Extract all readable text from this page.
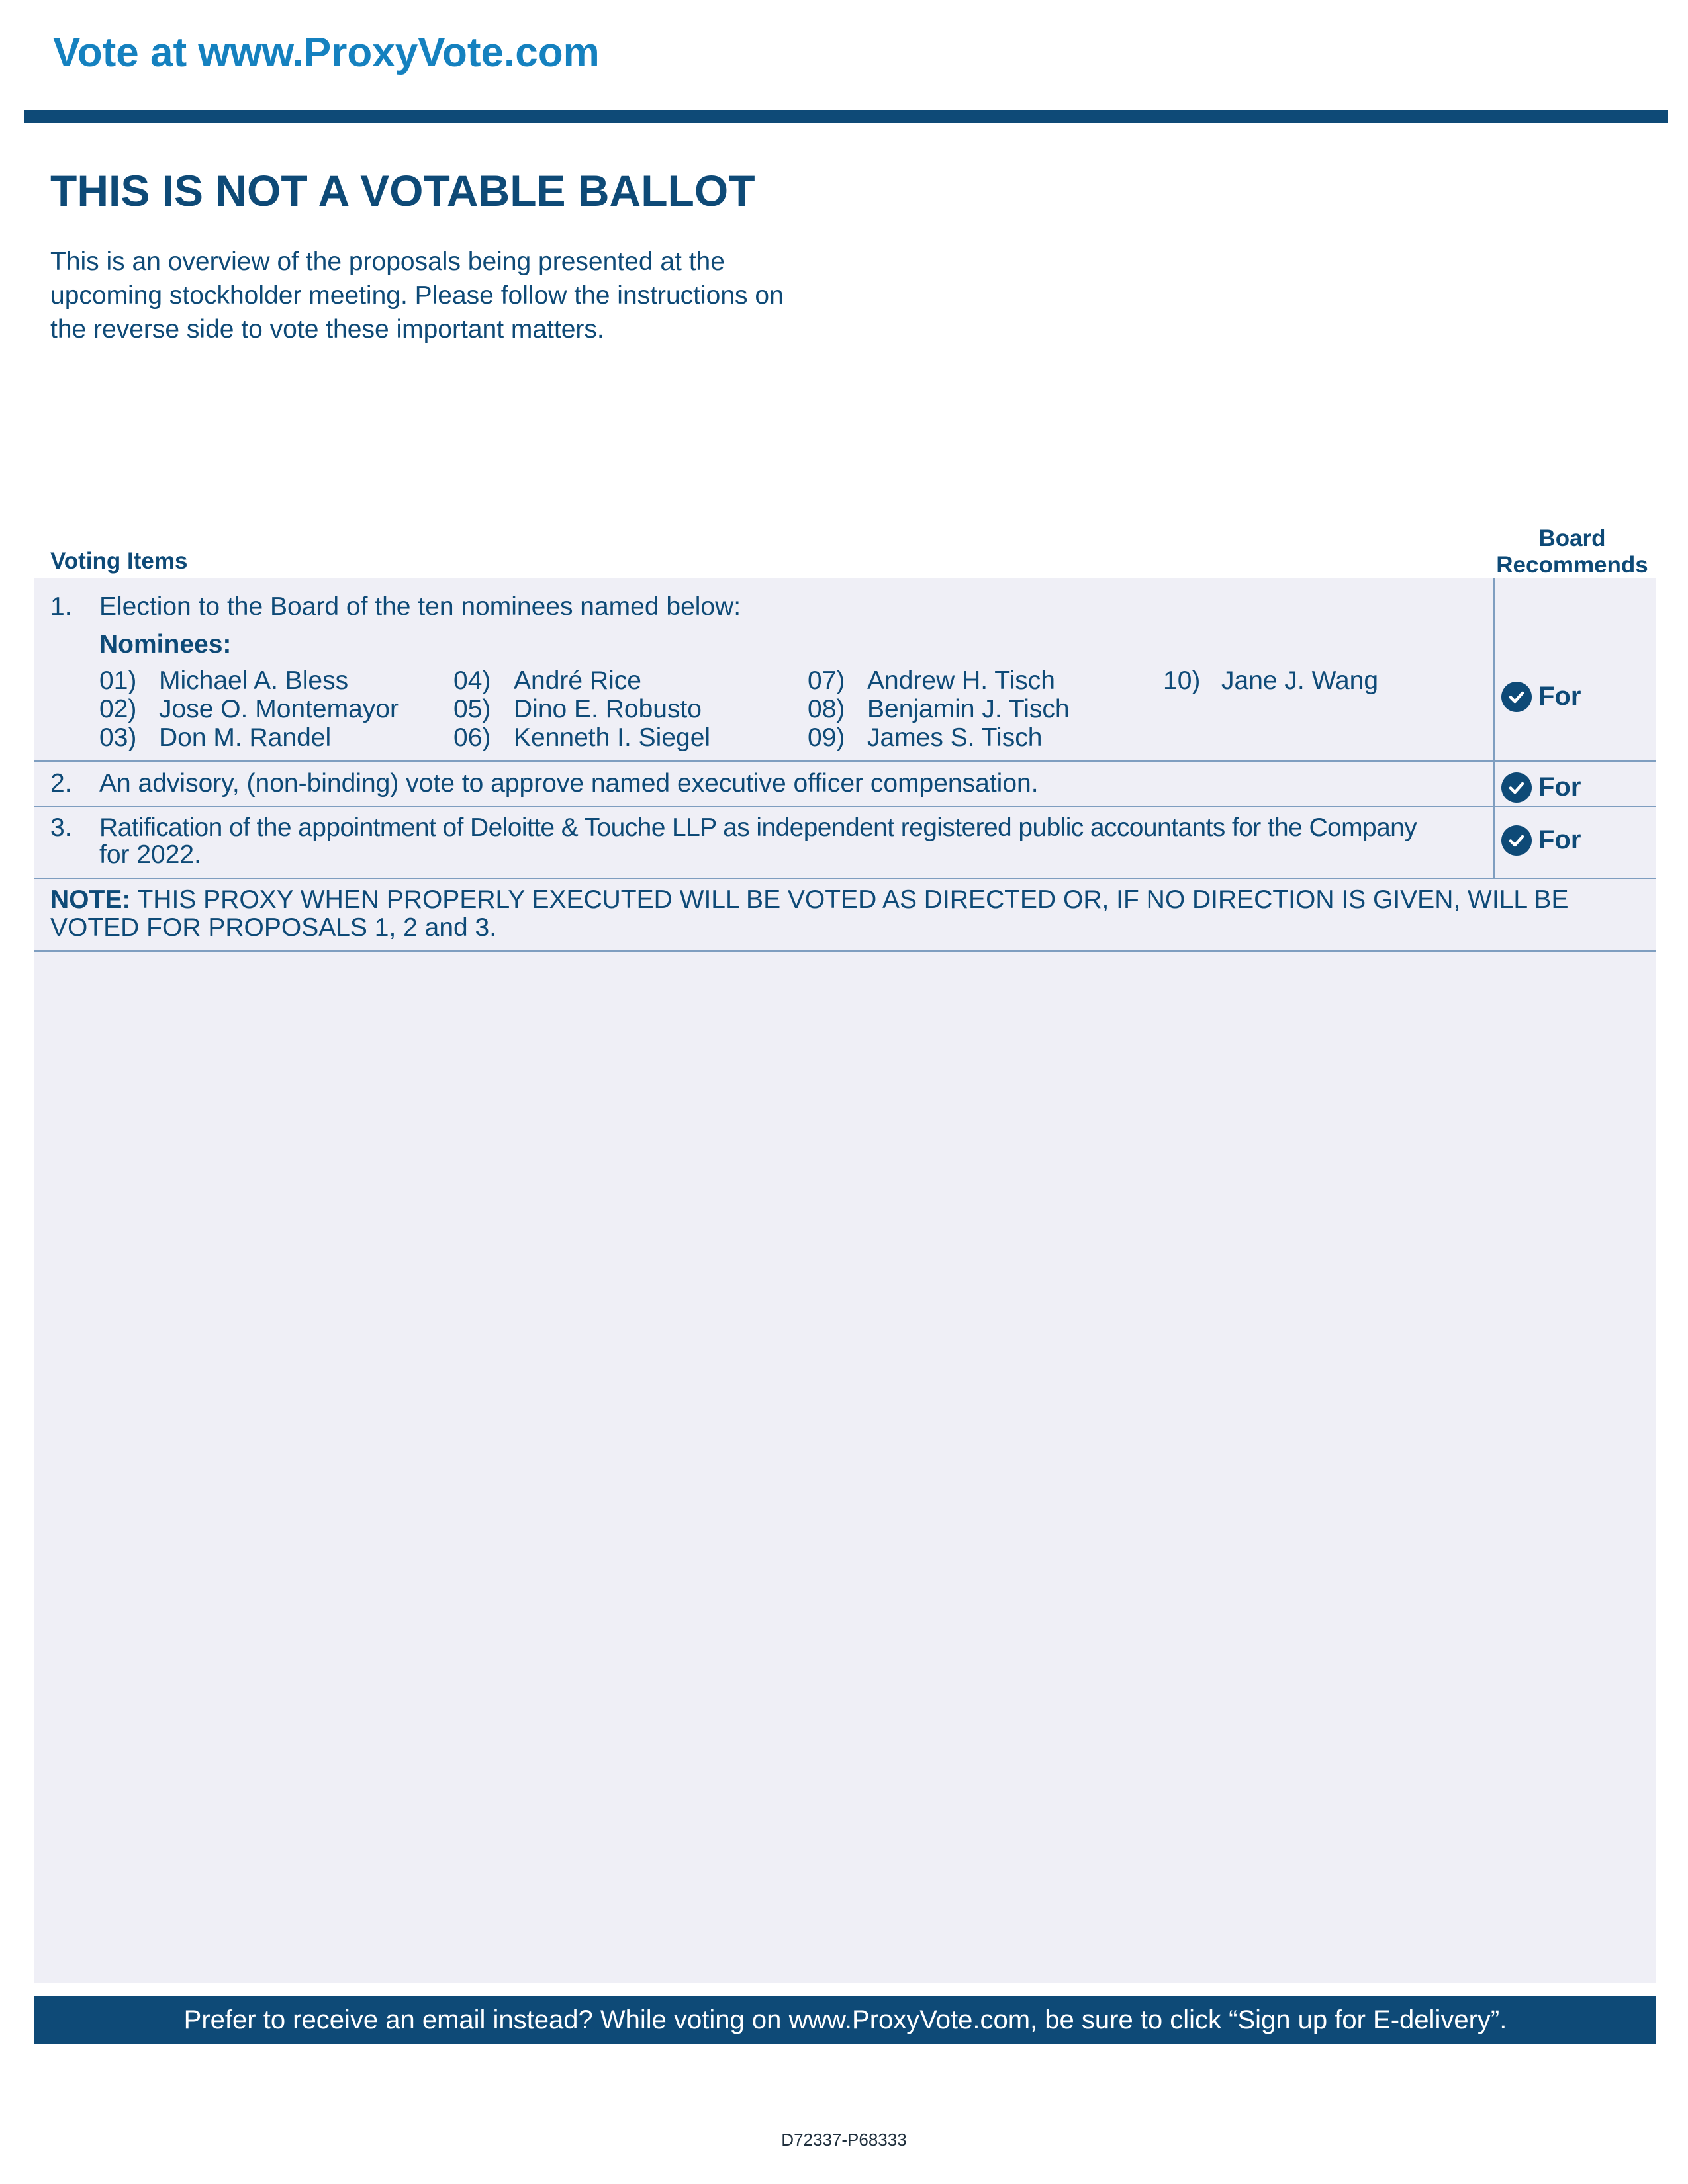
Vote at www.ProxyVote.com
THIS IS NOT A VOTABLE BALLOT
This is an overview of the proposals being presented at the
upcoming stockholder meeting. Please follow the instructions on
the reverse side to vote these important matters.
Voting Items
Board
Recommends
1. Election to the Board of the ten nominees named below:
Nominees:
01) Michael A. Bless
02) Jose O. Montemayor
03) Don M. Randel
04) André Rice
05) Dino E. Robusto
06) Kenneth I. Siegel
07) Andrew H. Tisch
08) Benjamin J. Tisch
09) James S. Tisch
10) Jane J. Wang
For
2. An advisory, (non-binding) vote to approve named executive officer compensation.	For
3. Ratification of the appointment of Deloitte & Touche LLP as independent registered public accountants for the Company
for 2022.
For
NOTE: THIS PROXY WHEN PROPERLY EXECUTED WILL BE VOTED AS DIRECTED OR, IF NO DIRECTION IS GIVEN, WILL BE
VOTED FOR PROPOSALS 1, 2 and 3.
Prefer to receive an email instead? While voting on www.ProxyVote.com, be sure to click “Sign up for E-delivery”.
D72337-P68333
